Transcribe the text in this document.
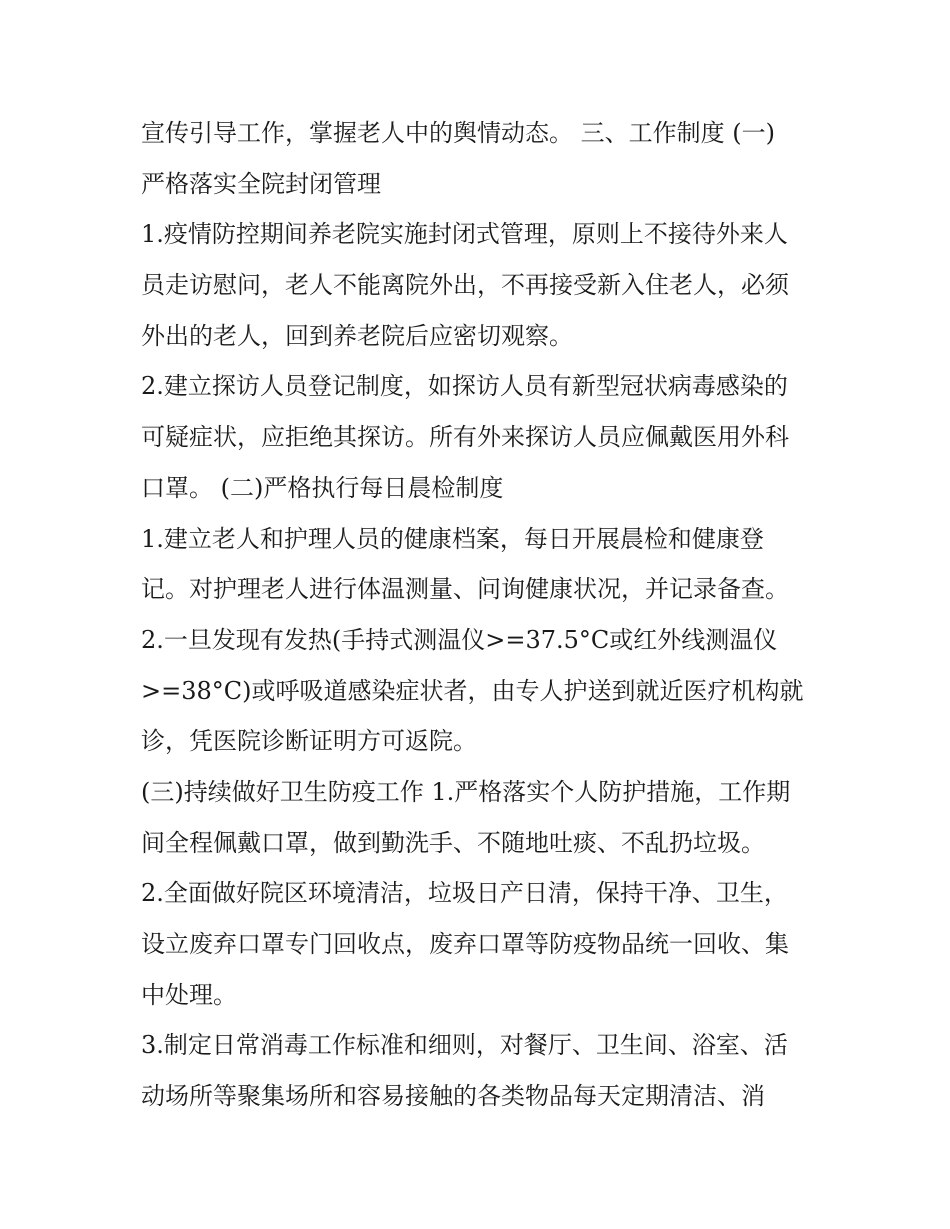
宣传引导工作，掌握老人中的舆情动态。 三、工作制度 (一)
严格落实全院封闭管理
1.疫情防控期间养老院实施封闭式管理，原则上不接待外来人
员走访慰问，老人不能离院外出，不再接受新入住老人，必须
外出的老人，回到养老院后应密切观察。
2.建立探访人员登记制度，如探访人员有新型冠状病毒感染的
可疑症状，应拒绝其探访。所有外来探访人员应佩戴医用外科
口罩。 (二)严格执行每日晨检制度
1.建立老人和护理人员的健康档案，每日开展晨检和健康登
记。对护理老人进行体温测量、问询健康状况，并记录备查。
2.一旦发现有发热(手持式测温仪>=37.5°C或红外线测温仪
>=38°C)或呼吸道感染症状者，由专人护送到就近医疗机构就
诊，凭医院诊断证明方可返院。
(三)持续做好卫生防疫工作 1.严格落实个人防护措施，工作期
间全程佩戴口罩，做到勤洗手、不随地吐痰、不乱扔垃圾。
2.全面做好院区环境清洁，垃圾日产日清，保持干净、卫生，
设立废弃口罩专门回收点，废弃口罩等防疫物品统一回收、集
中处理。
3.制定日常消毒工作标准和细则，对餐厅、卫生间、浴室、活
动场所等聚集场所和容易接触的各类物品每天定期清洁、消
